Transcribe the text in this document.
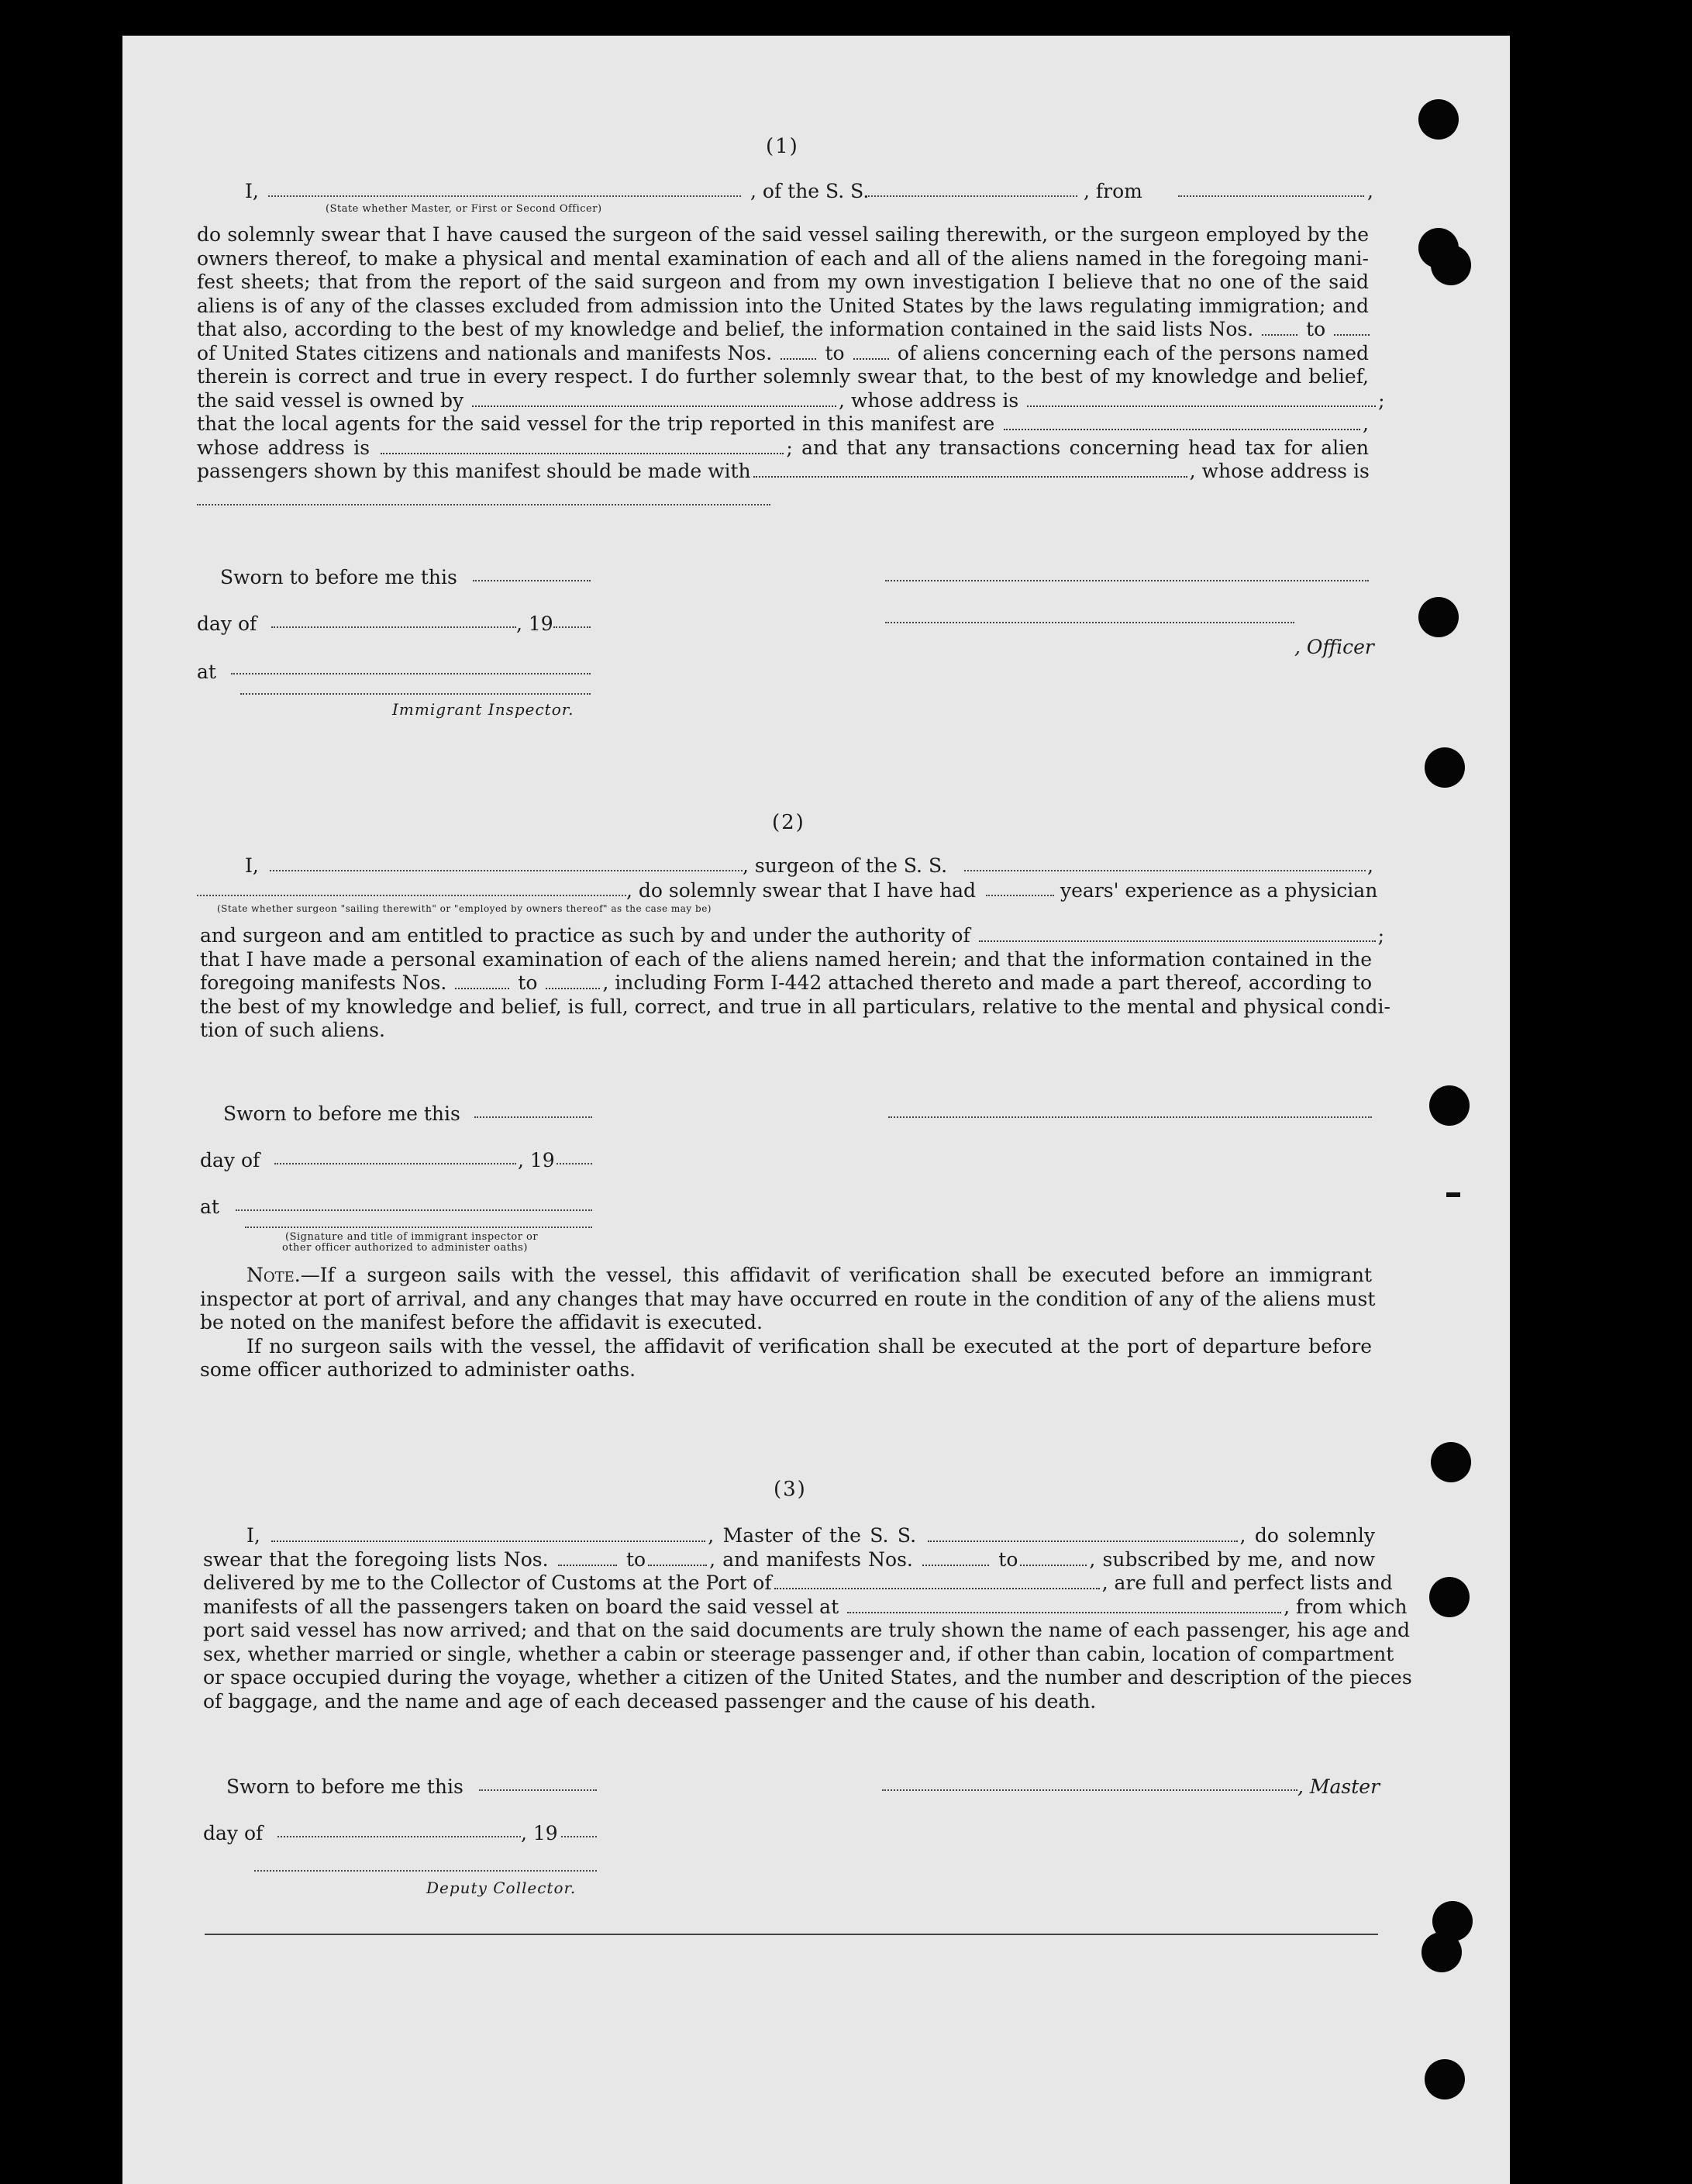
(1)
I,	, of the S. S.	, from	,
(State whether Master, or First or Second Officer)

do solemnly swear that I have caused the surgeon of the said vessel sailing therewith, or the surgeon employed by the

owners thereof, to make a physical and mental examination of each and all of the aliens named in the foregoing mani-

fest sheets; that from the report of the said surgeon and from my own investigation I believe that no one of the said

aliens is of any of the classes excluded from admission into the United States by the laws regulating immigration; and

that also, according to the best of my knowledge and belief, the information contained in the said lists Nos.	to

of United States citizens and nationals and manifests Nos.	to	of aliens concerning each of the persons named

therein is correct and true in every respect. I do further solemnly swear that, to the best of my knowledge and belief,

the said vessel is owned by	, whose address is	;

that the local agents for the said vessel for the trip reported in this manifest are	,

whose address is	; and that any transactions concerning head tax for alien

passengers shown by this manifest should be made with	, whose address is

Sworn to before me this
day of	, 19
, Officer
at
Immigrant Inspector.
(2)
I,	, surgeon of the S. S.	,
, do solemnly swear that I have had	years' experience as a physician
(State whether surgeon "sailing therewith" or "employed by owners thereof" as the case may be)

and surgeon and am entitled to practice as such by and under the authority of	;

that I have made a personal examination of each of the aliens named herein; and that the information contained in the

foregoing manifests Nos.	to	, including Form I-442 attached thereto and made a part thereof, according to

the best of my knowledge and belief, is full, correct, and true in all particulars, relative to the mental and physical condi-

tion of such aliens.

Sworn to before me this
day of	, 19
at
(Signature and title of immigrant inspector or
other officer authorized to administer oaths)

Note.—If a surgeon sails with the vessel, this affidavit of verification shall be executed before an immigrant

inspector at port of arrival, and any changes that may have occurred en route in the condition of any of the aliens must

be noted on the manifest before the affidavit is executed.

If no surgeon sails with the vessel, the affidavit of verification shall be executed at the port of departure before

some officer authorized to administer oaths.

(3)

I,	, Master of the S. S.	, do solemnly

swear that the foregoing lists Nos.	to	, and manifests Nos.	to	, subscribed by me, and now

delivered by me to the Collector of Customs at the Port of	, are full and perfect lists and

manifests of all the passengers taken on board the said vessel at	, from which

port said vessel has now arrived; and that on the said documents are truly shown the name of each passenger, his age and

sex, whether married or single, whether a cabin or steerage passenger and, if other than cabin, location of compartment

or space occupied during the voyage, whether a citizen of the United States, and the number and description of the pieces

of baggage, and the name and age of each deceased passenger and the cause of his death.

Sworn to before me this	, Master
day of	, 19
Deputy Collector.
